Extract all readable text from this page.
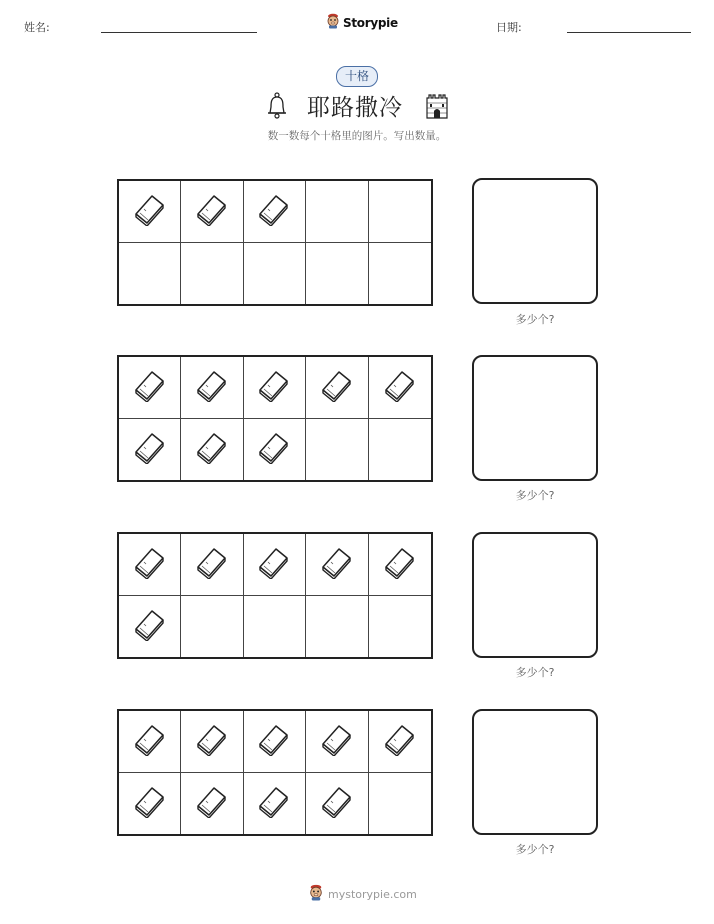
姓名:	Storypie	日期:
十格
耶路撒冷
数一数每个十格里的图片。写出数量。
多少个?
多少个?
多少个?
多少个?
mystorypie.com
